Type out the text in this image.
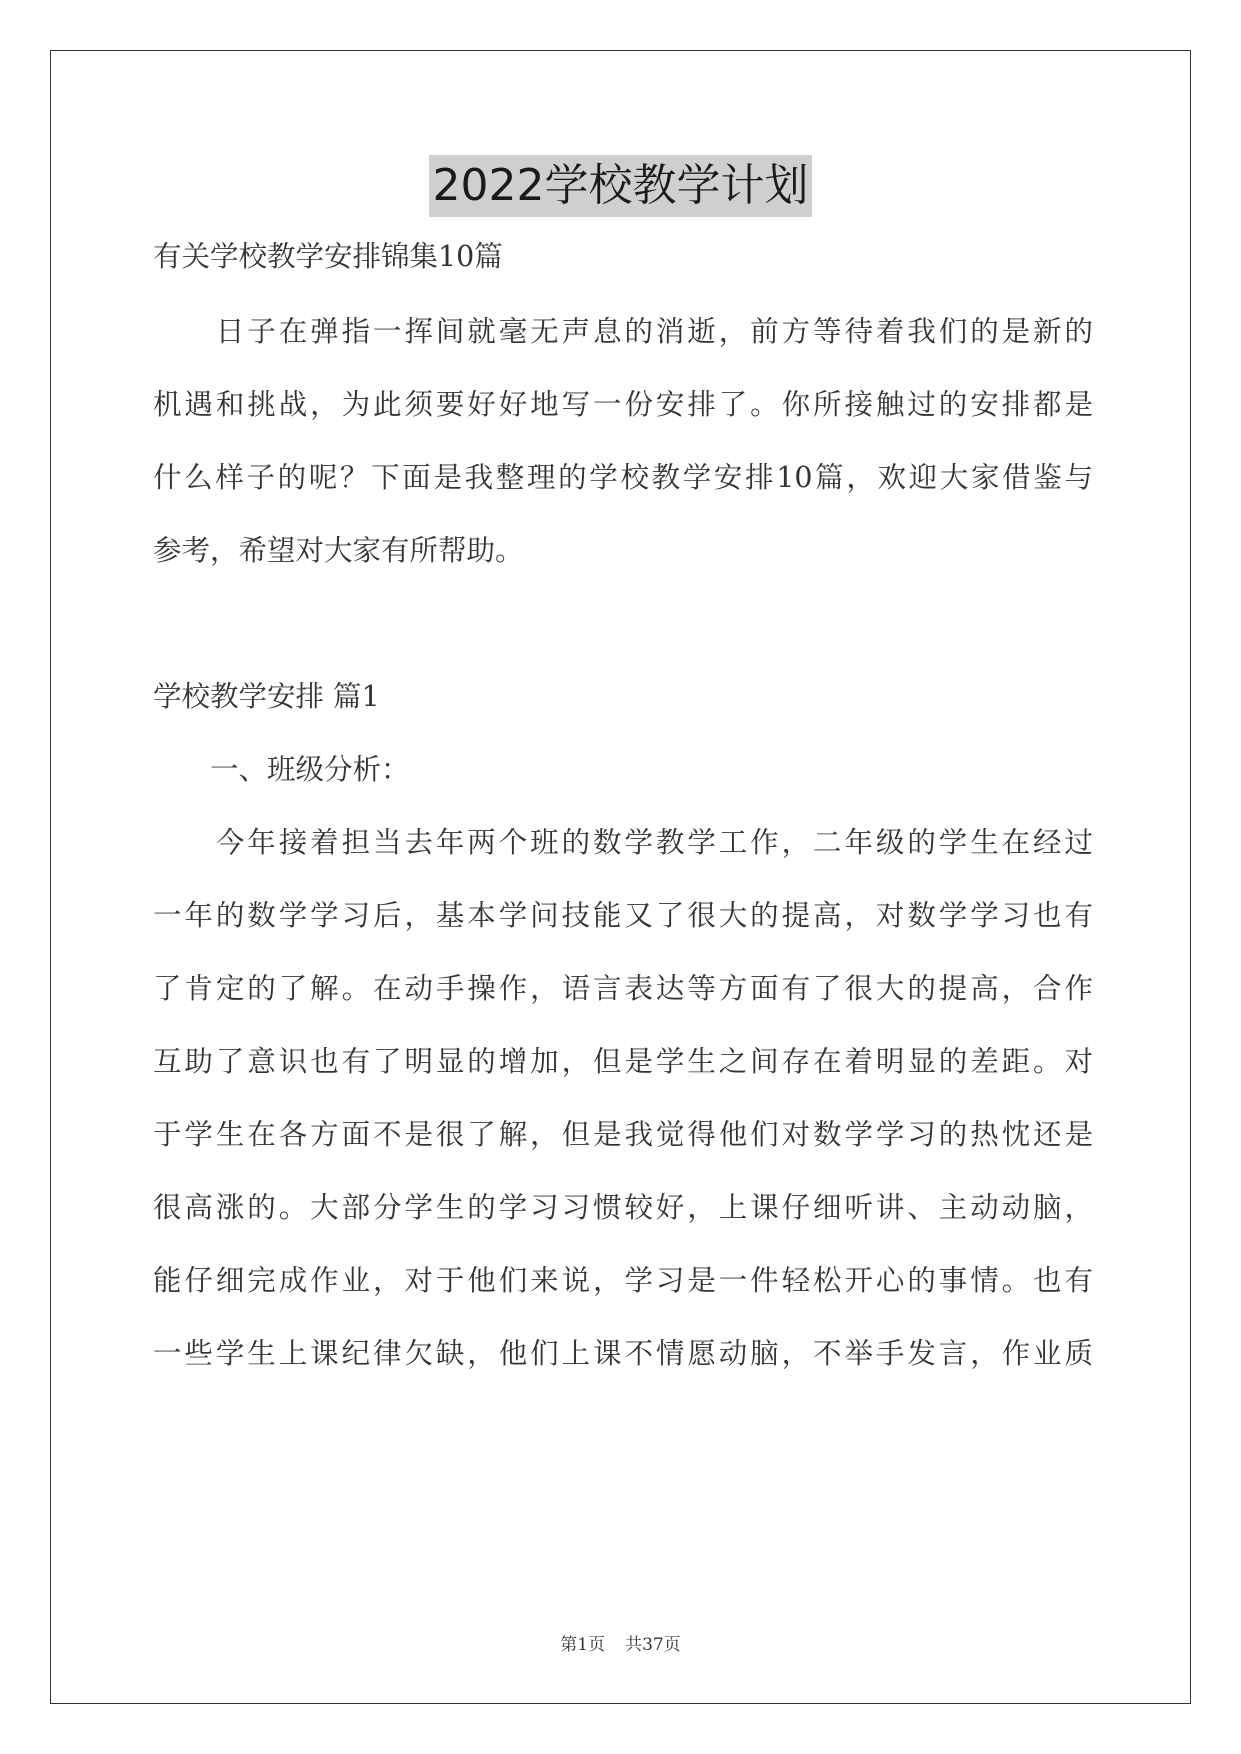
2022学校教学计划
有关学校教学安排锦集10篇
　　日子在弹指一挥间就毫无声息的消逝，前方等待着我们的是新的
机遇和挑战，为此须要好好地写一份安排了。你所接触过的安排都是
什么样子的呢？下面是我整理的学校教学安排10篇，欢迎大家借鉴与
参考，希望对大家有所帮助。
学校教学安排 篇1
　　一、班级分析：
　　今年接着担当去年两个班的数学教学工作，二年级的学生在经过
一年的数学学习后，基本学问技能又了很大的提高，对数学学习也有
了肯定的了解。在动手操作，语言表达等方面有了很大的提高，合作
互助了意识也有了明显的增加，但是学生之间存在着明显的差距。对
于学生在各方面不是很了解，但是我觉得他们对数学学习的热忱还是
很高涨的。大部分学生的学习习惯较好，上课仔细听讲、主动动脑，
能仔细完成作业，对于他们来说，学习是一件轻松开心的事情。也有
一些学生上课纪律欠缺，他们上课不情愿动脑，不举手发言，作业质
第1页 共37页
